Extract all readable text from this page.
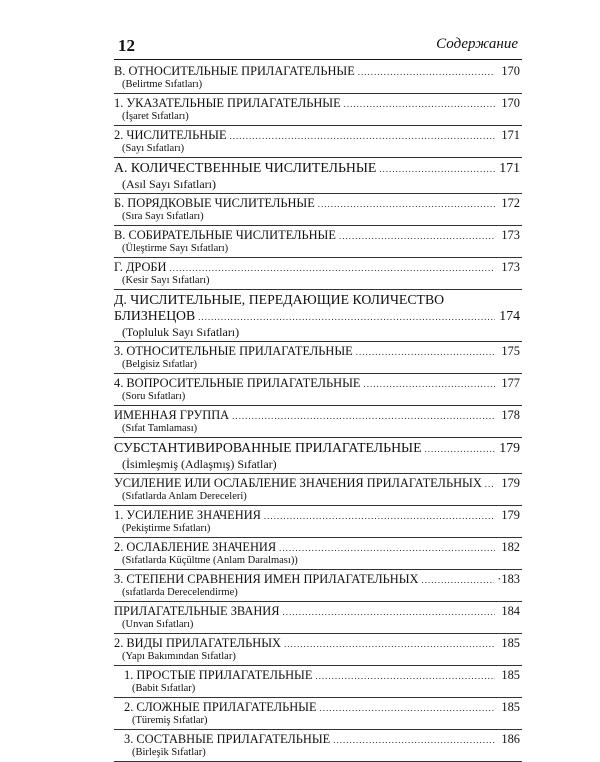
12	Содержание
В. ОТНОСИТЕЛЬНЫЕ ПРИЛАГАТЕЛЬНЫЕ .....	170
(Belirtme Sıfatları)
1. УКАЗАТЕЛЬНЫЕ ПРИЛАГАТЕЛЬНЫЕ .....	170
(İşaret Sıfatları)
2. ЧИСЛИТЕЛЬНЫЕ .....	171
(Sayı Sıfatları)
А. КОЛИЧЕСТВЕННЫЕ ЧИСЛИТЕЛЬНЫЕ .....	171
(Asıl Sayı Sıfatları)
Б. ПОРЯДКОВЫЕ ЧИСЛИТЕЛЬНЫЕ .....	172
(Sıra Sayı Sıfatları)
В. СОБИРАТЕЛЬНЫЕ ЧИСЛИТЕЛЬНЫЕ .....	173
(Üleştirme Sayı Sıfatları)
Г. ДРОБИ .....	173
(Kesir Sayı Sıfatları)
Д. ЧИСЛИТЕЛЬНЫЕ, ПЕРЕДАЮЩИЕ КОЛИЧЕСТВО
БЛИЗНЕЦОВ .....	174
(Topluluk Sayı Sıfatları)
3. ОТНОСИТЕЛЬНЫЕ ПРИЛАГАТЕЛЬНЫЕ .....	175
(Belgisiz Sıfatlar)
4. ВОПРОСИТЕЛЬНЫЕ ПРИЛАГАТЕЛЬНЫЕ .....	177
(Soru Sıfatları)
ИМЕННАЯ ГРУППА .....	178
(Sıfat Tamlaması)
СУБСТАНТИВИРОВАННЫЕ ПРИЛАГАТЕЛЬНЫЕ .....	179
(İsimleşmiş (Adlaşmış) Sıfatlar)
УСИЛЕНИЕ ИЛИ ОСЛАБЛЕНИЕ ЗНАЧЕНИЯ ПРИЛАГАТЕЛЬНЫХ ..... 179
(Sıfatlarda Anlam Dereceleri)
1. УСИЛЕНИЕ ЗНАЧЕНИЯ .....	179
(Pekiştirme Sıfatları)
2. ОСЛАБЛЕНИЕ ЗНАЧЕНИЯ .....	182
(Sıfatlarda Küçültme (Anlam Daralması))
3. СТЕПЕНИ СРАВНЕНИЯ ИМЕН ПРИЛАГАТЕЛЬНЫХ .....	·183
(sıfatlarda Derecelendirme)
ПРИЛАГАТЕЛЬНЫЕ ЗВАНИЯ .....	184
(Unvan Sıfatları)
2. ВИДЫ ПРИЛАГАТЕЛЬНЫХ .....	185
(Yapı Bakımından Sıfatlar)
1. ПРОСТЫЕ ПРИЛАГАТЕЛЬНЫЕ .....	185
(Babit Sıfatlar)
2. СЛОЖНЫЕ ПРИЛАГАТЕЛЬНЫЕ .....	185
(Türemiş Sıfatlar)
3. СОСТАВНЫЕ ПРИЛАГАТЕЛЬНЫЕ .....	186
(Birleşik Sıfatlar)
